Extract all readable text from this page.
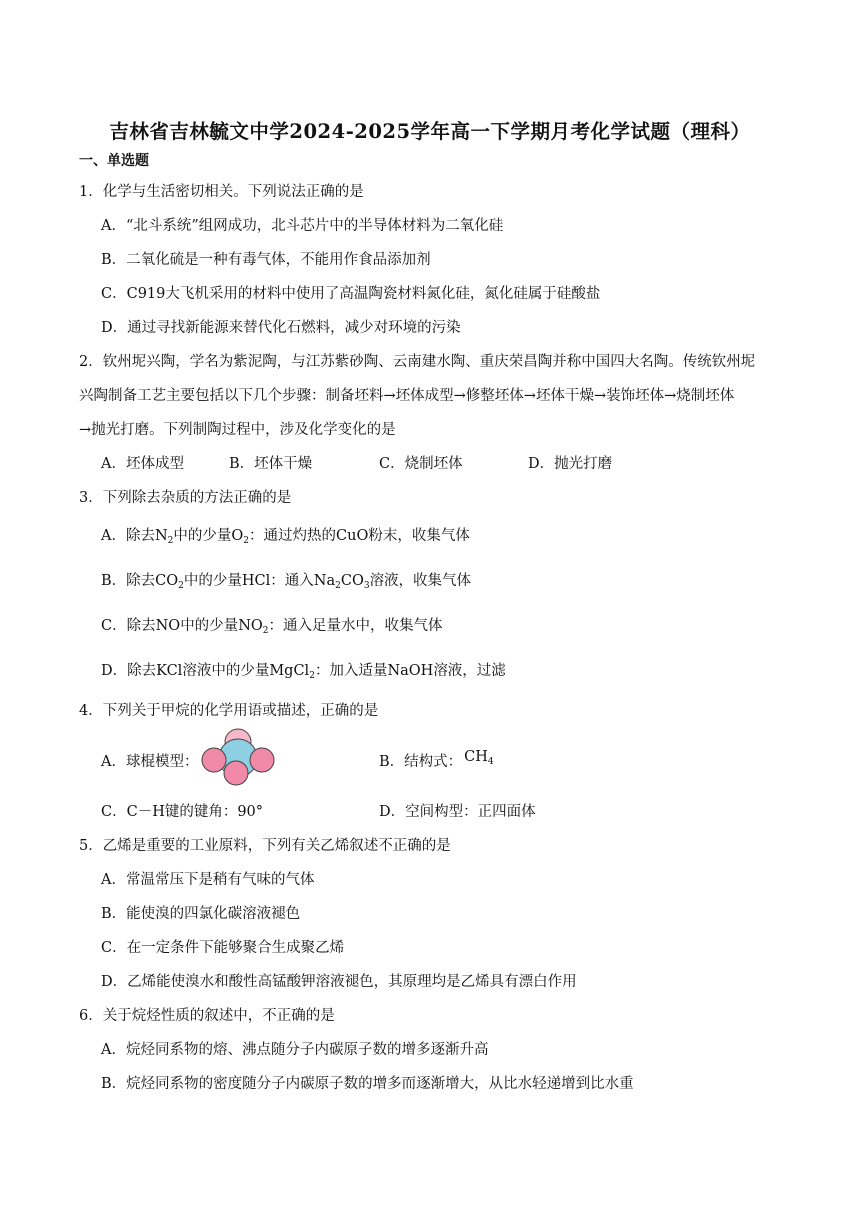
吉林省吉林毓文中学2024-2025学年高一下学期月考化学试题（理科）
一、单选题
1．化学与生活密切相关。下列说法正确的是
A．“北斗系统”组网成功，北斗芯片中的半导体材料为二氧化硅
B．二氧化硫是一种有毒气体，不能用作食品添加剂
C．C919大飞机采用的材料中使用了高温陶瓷材料氮化硅，氮化硅属于硅酸盐
D．通过寻找新能源来替代化石燃料，减少对环境的污染
2．钦州坭兴陶，学名为紫泥陶，与江苏紫砂陶、云南建水陶、重庆荣昌陶并称中国四大名陶。传统钦州坭
兴陶制备工艺主要包括以下几个步骤：制备坯料→坯体成型→修整坯体→坯体干燥→装饰坯体→烧制坯体
→抛光打磨。下列制陶过程中，涉及化学变化的是
A．坯体成型	B．坯体干燥	C．烧制坯体	D．抛光打磨
3．下列除去杂质的方法正确的是
A．除去$N_2$中的少量$O_2$：通过灼热的CuO粉末，收集气体
B．除去$CO_2$中的少量HCl：通入$Na_2CO_3$溶液，收集气体
C．除去NO中的少量$NO_2$：通入足量水中，收集气体
D．除去KCl溶液中的少量MgCl$_2$：加入适量NaOH溶液，过滤
4．下列关于甲烷的化学用语或描述，正确的是
A．球棍模型：	B．结构式： $CH_4$
C．C－H键的键角：90°	D．空间构型：正四面体
5．乙烯是重要的工业原料，下列有关乙烯叙述不正确的是
A．常温常压下是稍有气味的气体
B．能使溴的四氯化碳溶液褪色
C．在一定条件下能够聚合生成聚乙烯
D．乙烯能使溴水和酸性高锰酸钾溶液褪色，其原理均是乙烯具有漂白作用
6．关于烷烃性质的叙述中，不正确的是
A．烷烃同系物的熔、沸点随分子内碳原子数的增多逐渐升高
B．烷烃同系物的密度随分子内碳原子数的增多而逐渐增大，从比水轻递增到比水重
